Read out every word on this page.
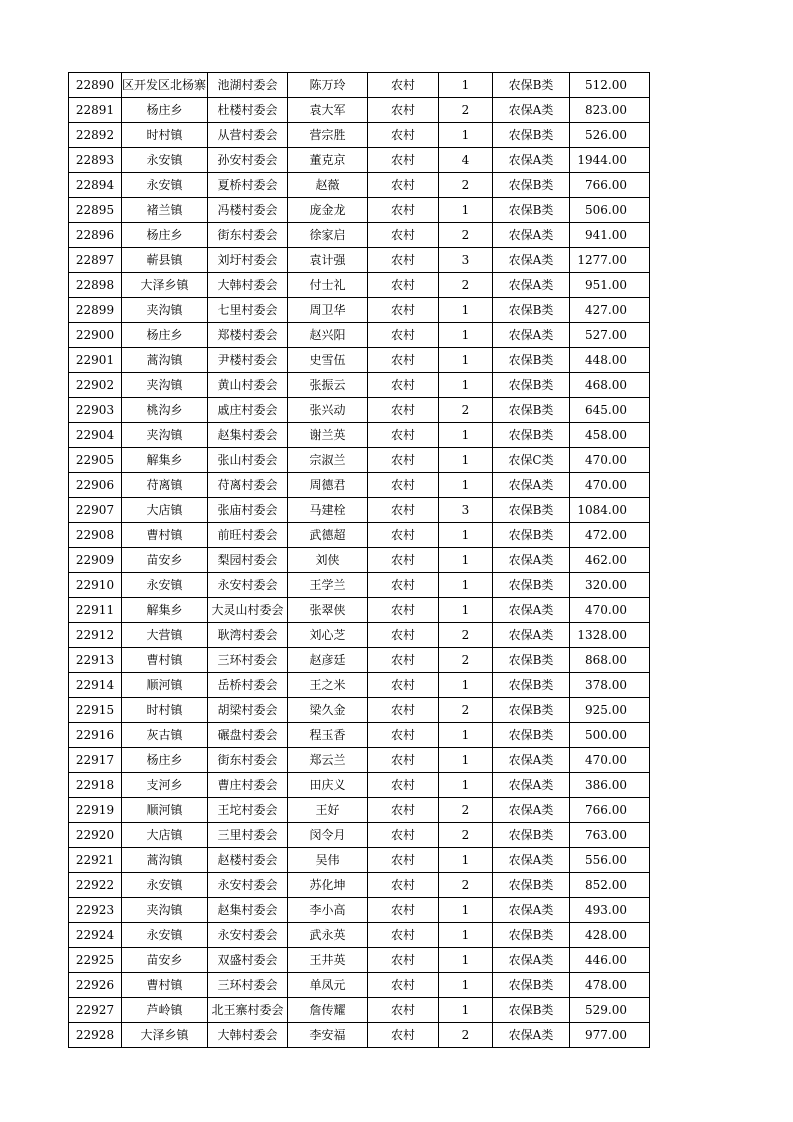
22890	区开发区北杨寨	池湖村委会	陈万玲	农村	1	农保B类	512.00
22891	杨庄乡	杜楼村委会	袁大军	农村	2	农保A类	823.00
22892	时村镇	从营村委会	营宗胜	农村	1	农保B类	526.00
22893	永安镇	孙安村委会	董克京	农村	4	农保A类	1944.00
22894	永安镇	夏桥村委会	赵薇	农村	2	农保B类	766.00
22895	褚兰镇	冯楼村委会	庞金龙	农村	1	农保B类	506.00
22896	杨庄乡	街东村委会	徐家启	农村	2	农保A类	941.00
22897	蕲县镇	刘圩村委会	袁计强	农村	3	农保A类	1277.00
22898	大泽乡镇	大韩村委会	付士礼	农村	2	农保A类	951.00
22899	夹沟镇	七里村委会	周卫华	农村	1	农保B类	427.00
22900	杨庄乡	郑楼村委会	赵兴阳	农村	1	农保A类	527.00
22901	蒿沟镇	尹楼村委会	史雪伍	农村	1	农保B类	448.00
22902	夹沟镇	黄山村委会	张振云	农村	1	农保B类	468.00
22903	桃沟乡	戚庄村委会	张兴动	农村	2	农保B类	645.00
22904	夹沟镇	赵集村委会	谢兰英	农村	1	农保B类	458.00
22905	解集乡	张山村委会	宗淑兰	农村	1	农保C类	470.00
22906	苻离镇	苻离村委会	周德君	农村	1	农保A类	470.00
22907	大店镇	张庙村委会	马建栓	农村	3	农保B类	1084.00
22908	曹村镇	前旺村委会	武德超	农村	1	农保B类	472.00
22909	苗安乡	梨园村委会	刘侠	农村	1	农保A类	462.00
22910	永安镇	永安村委会	王学兰	农村	1	农保B类	320.00
22911	解集乡	大灵山村委会	张翠侠	农村	1	农保A类	470.00
22912	大营镇	耿湾村委会	刘心芝	农村	2	农保A类	1328.00
22913	曹村镇	三环村委会	赵彦廷	农村	2	农保B类	868.00
22914	顺河镇	岳桥村委会	王之米	农村	1	农保B类	378.00
22915	时村镇	胡梁村委会	梁久金	农村	2	农保B类	925.00
22916	灰古镇	碾盘村委会	程玉香	农村	1	农保B类	500.00
22917	杨庄乡	街东村委会	郑云兰	农村	1	农保A类	470.00
22918	支河乡	曹庄村委会	田庆义	农村	1	农保A类	386.00
22919	顺河镇	王坨村委会	王好	农村	2	农保A类	766.00
22920	大店镇	三里村委会	闵令月	农村	2	农保B类	763.00
22921	蒿沟镇	赵楼村委会	吴伟	农村	1	农保A类	556.00
22922	永安镇	永安村委会	苏化坤	农村	2	农保B类	852.00
22923	夹沟镇	赵集村委会	李小高	农村	1	农保A类	493.00
22924	永安镇	永安村委会	武永英	农村	1	农保B类	428.00
22925	苗安乡	双盛村委会	王井英	农村	1	农保A类	446.00
22926	曹村镇	三环村委会	单凤元	农村	1	农保B类	478.00
22927	芦岭镇	北王寨村委会	詹传耀	农村	1	农保B类	529.00
22928	大泽乡镇	大韩村委会	李安福	农村	2	农保A类	977.00
